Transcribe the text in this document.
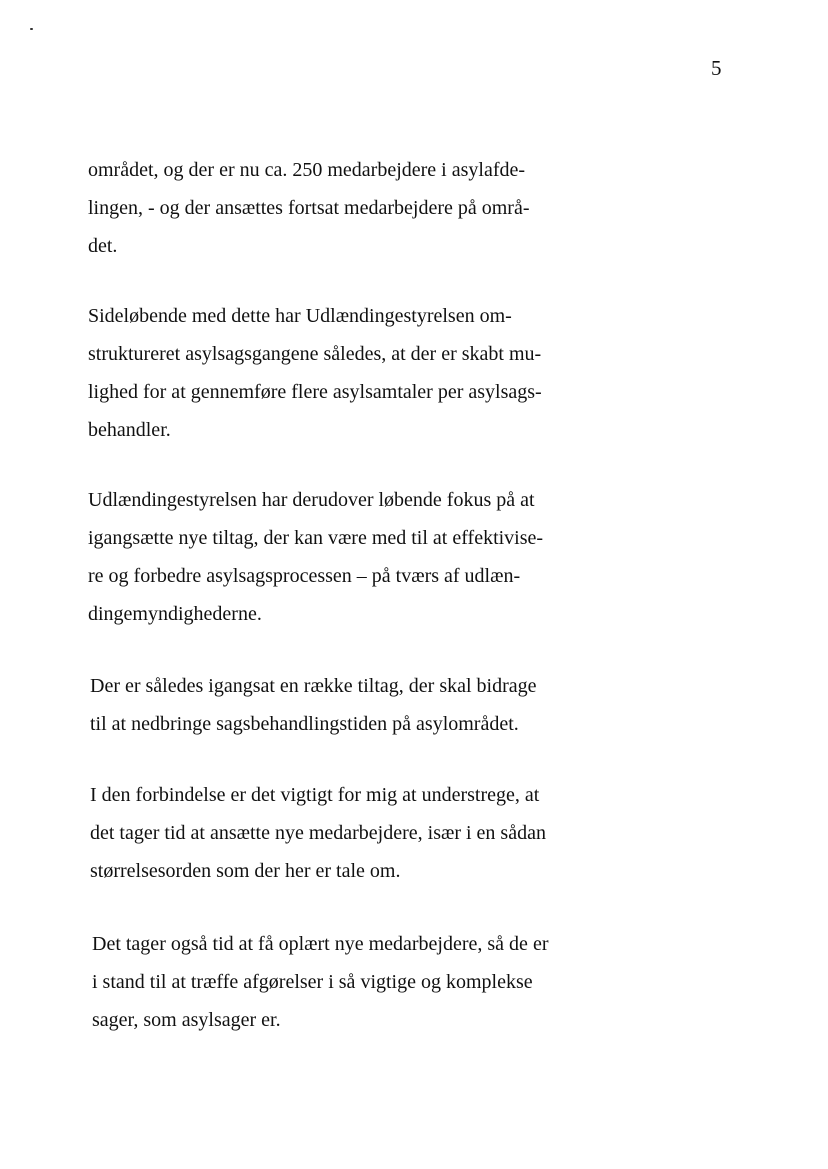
5

området, og der er nu ca. 250 medarbejdere i asylafde-
lingen, - og der ansættes fortsat medarbejdere på områ-
det.

Sideløbende med dette har Udlændingestyrelsen om-
struktureret asylsagsgangene således, at der er skabt mu-
lighed for at gennemføre flere asylsamtaler per asylsags-
behandler.

Udlændingestyrelsen har derudover løbende fokus på at
igangsætte nye tiltag, der kan være med til at effektivise-
re og forbedre asylsagsprocessen – på tværs af udlæn-
dingemyndighederne.

Der er således igangsat en række tiltag, der skal bidrage
til at nedbringe sagsbehandlingstiden på asylområdet.

I den forbindelse er det vigtigt for mig at understrege, at
det tager tid at ansætte nye medarbejdere, især i en sådan
størrelsesorden som der her er tale om.

Det tager også tid at få oplært nye medarbejdere, så de er
i stand til at træffe afgørelser i så vigtige og komplekse
sager, som asylsager er.
